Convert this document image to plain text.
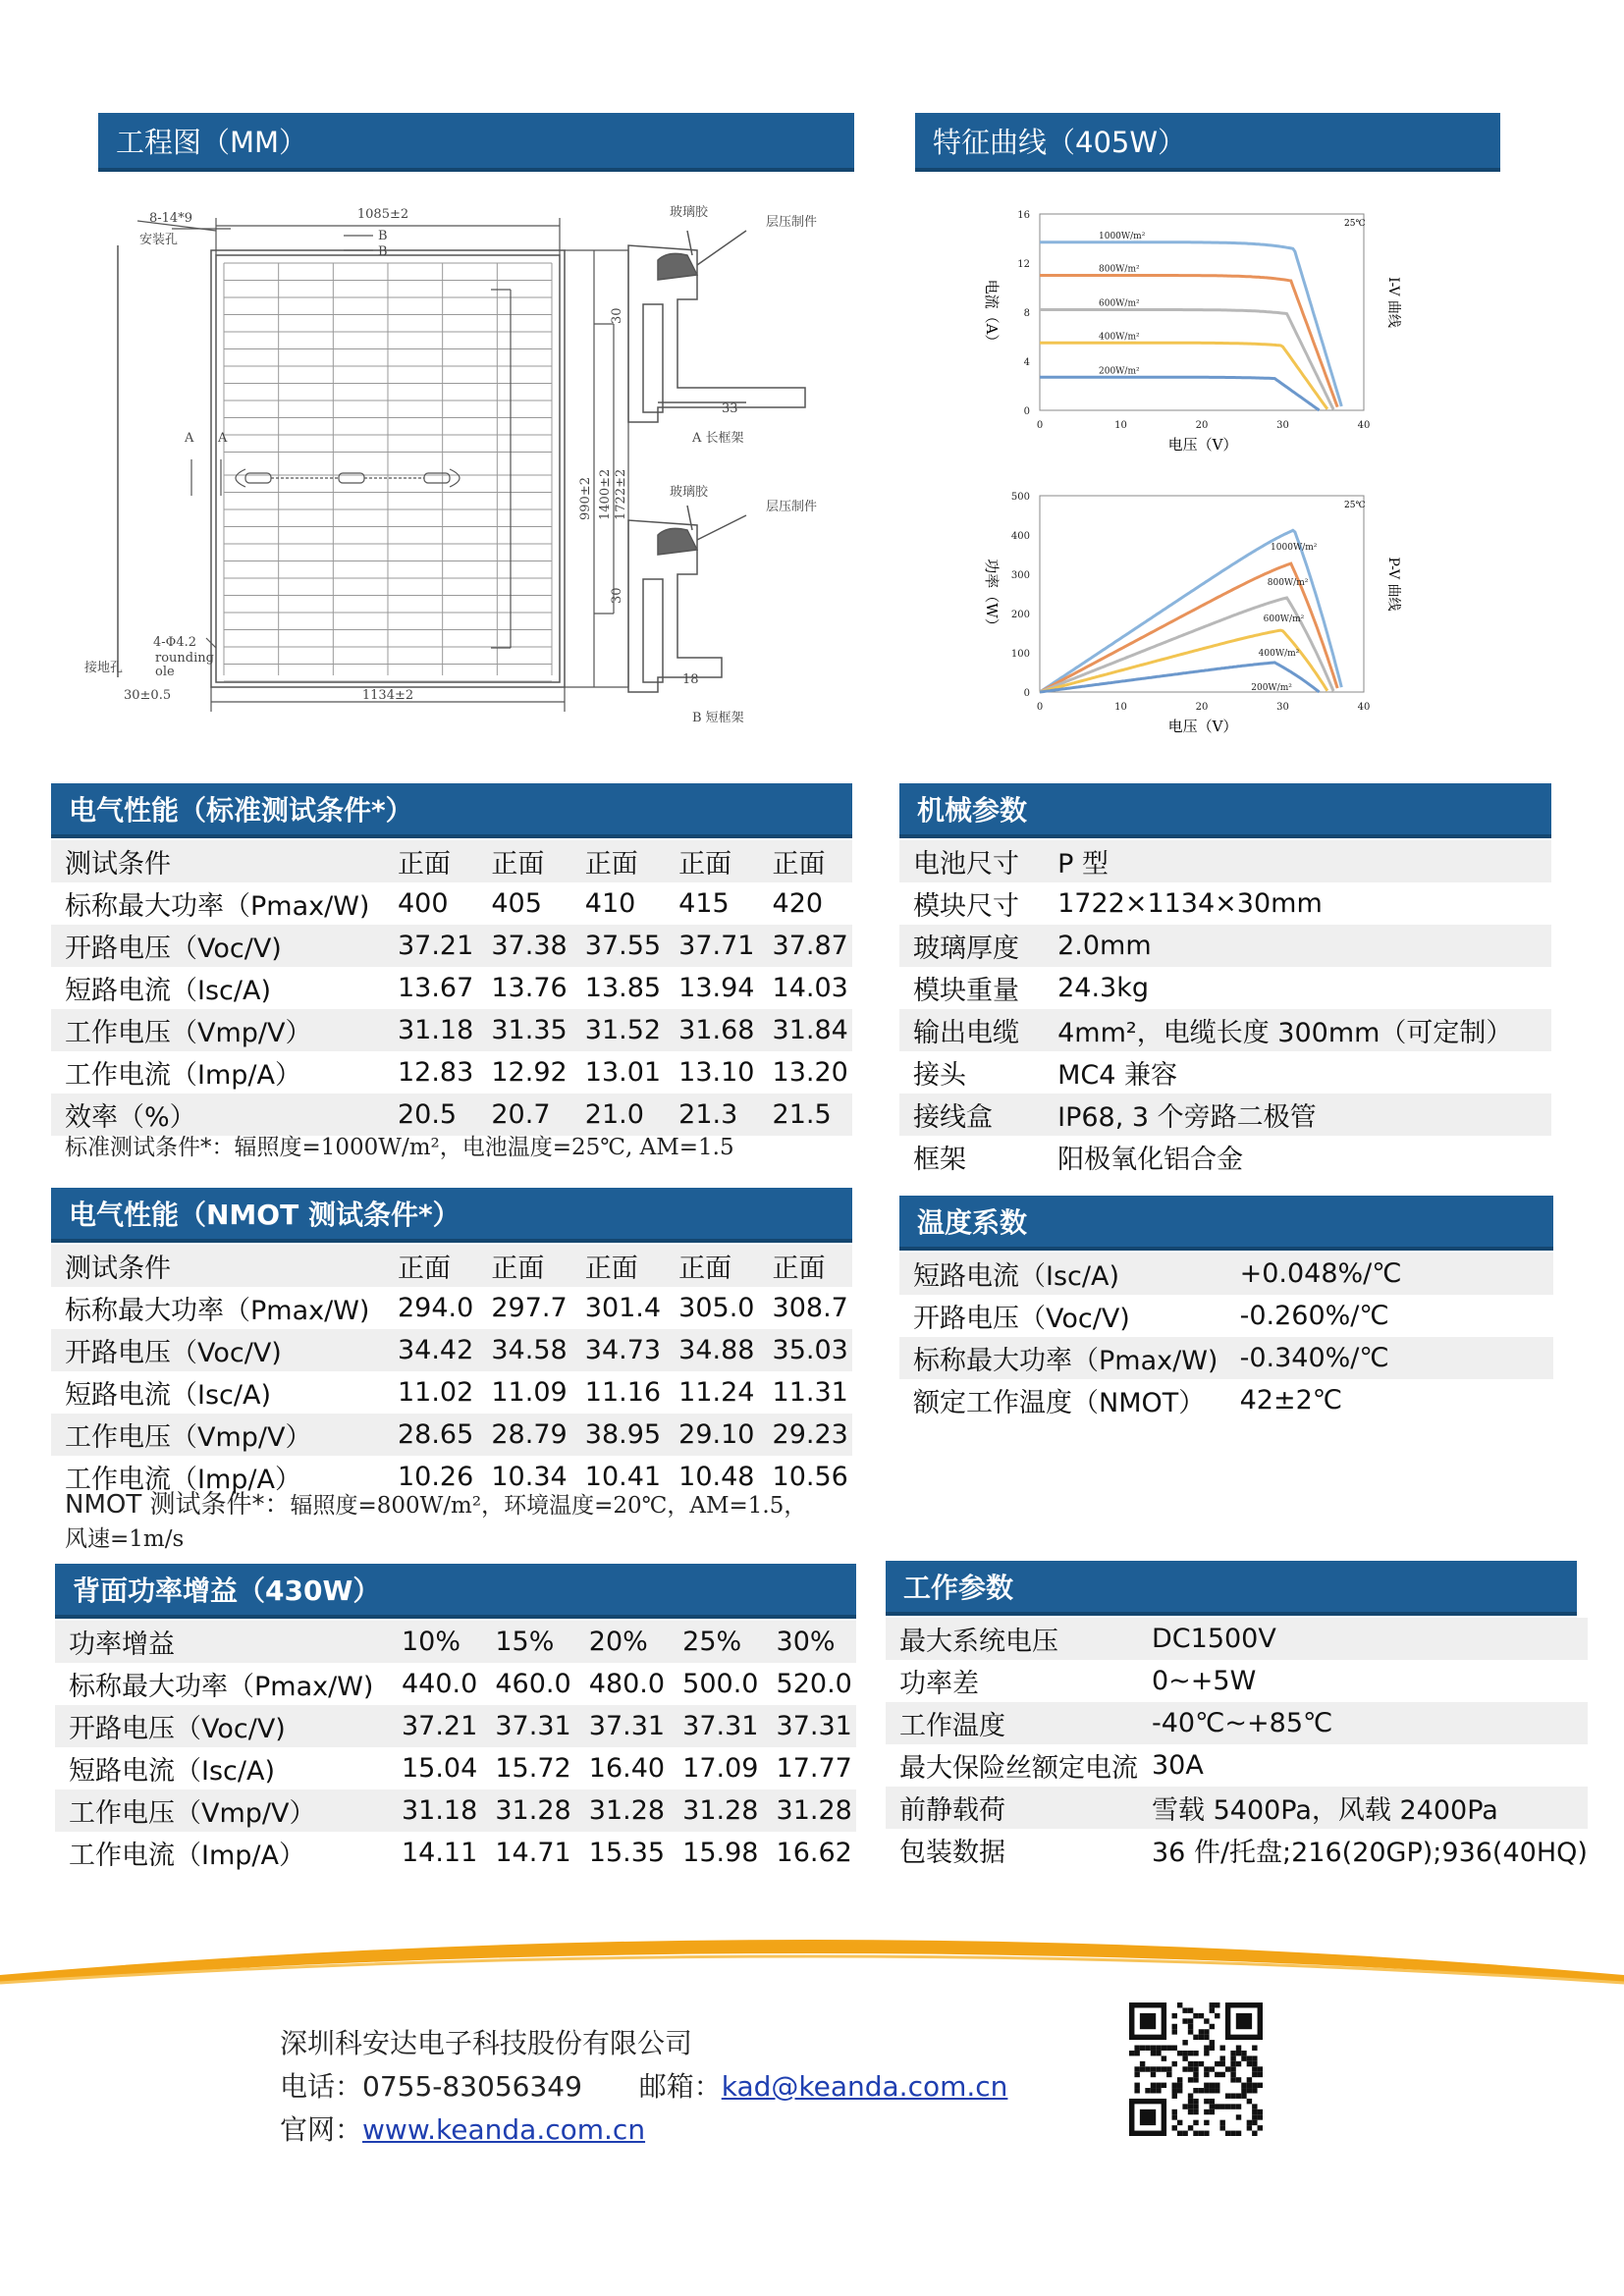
工程图（MM）	特征曲线（405W）
1085±2
B
B
8-14*9
安装孔
A A
990±2 1400±2 1722±2
接地孔
4-Φ4.2
rounding
ole
30±0.5	1134±2
玻璃胶
层压制件
30
33
A 长框架
玻璃胶
层压制件
30
18
B 短框架
16
12
8
4
0
0	10	20	30	40
1000W/m²
800W/m²
600W/m²
400W/m²
200W/m²
25℃
电流（A）
电压（V）
I-V 曲线
500
400
300
200
100
0
0	10	20	30	40
1000W/m²
800W/m²
600W/m²
400W/m²
200W/m²
25℃
功率（W）
电压（V）
P-V 曲线
电气性能（标准测试条件*）
测试条件	正面	正面	正面	正面	正面
标称最大功率（Pmax/W)	400	405	410	415	420
开路电压（Voc/V)	37.21	37.38	37.55	37.71	37.87
短路电流（Isc/A)	13.67	13.76	13.85	13.94	14.03
工作电压（Vmp/V）	31.18	31.35	31.52	31.68	31.84
工作电流（Imp/A）	12.83	12.92	13.01	13.10	13.20
效率（%）	20.5	20.7	21.0	21.3	21.5
标准测试条件*：辐照度=1000W/m²，电池温度=25℃, AM=1.5
电气性能（NMOT 测试条件*）
测试条件	正面	正面	正面	正面	正面
标称最大功率（Pmax/W)	294.0	297.7	301.4	305.0	308.7
开路电压（Voc/V)	34.42	34.58	34.73	34.88	35.03
短路电流（Isc/A)	11.02	11.09	11.16	11.24	11.31
工作电压（Vmp/V）	28.65	28.79	38.95	29.10	29.23
工作电流（Imp/A）	10.26	10.34	10.41	10.48	10.56
NMOT 测试条件*：辐照度=800W/m²，环境温度=20℃，AM=1.5，
风速=1m/s
背面功率增益（430W）
功率增益	10%	15%	20%	25%	30%
标称最大功率（Pmax/W)	440.0	460.0	480.0	500.0	520.0
开路电压（Voc/V)	37.21	37.31	37.31	37.31	37.31
短路电流（Isc/A)	15.04	15.72	16.40	17.09	17.77
工作电压（Vmp/V）	31.18	31.28	31.28	31.28	31.28
工作电流（Imp/A）	14.11	14.71	15.35	15.98	16.62
机械参数
电池尺寸	P 型
模块尺寸	1722×1134×30mm
玻璃厚度	2.0mm
模块重量	24.3kg
输出电缆	4mm²，电缆长度 300mm（可定制）
接头	MC4 兼容
接线盒	IP68, 3 个旁路二极管
框架	阳极氧化铝合金
温度系数
短路电流（Isc/A)	+0.048%/℃
开路电压（Voc/V)	-0.260%/℃
标称最大功率（Pmax/W)	-0.340%/℃
额定工作温度（NMOT）	42±2℃
工作参数
最大系统电压	DC1500V
功率差	0~+5W
工作温度	-40℃~+85℃
最大保险丝额定电流	30A
前静载荷	雪载 5400Pa，风载 2400Pa
包装数据	36 件/托盘;216(20GP);936(40HQ)
深圳科安达电子科技股份有限公司
电话：0755-83056349 邮箱：kad@keanda.com.cn
官网：www.keanda.com.cn
